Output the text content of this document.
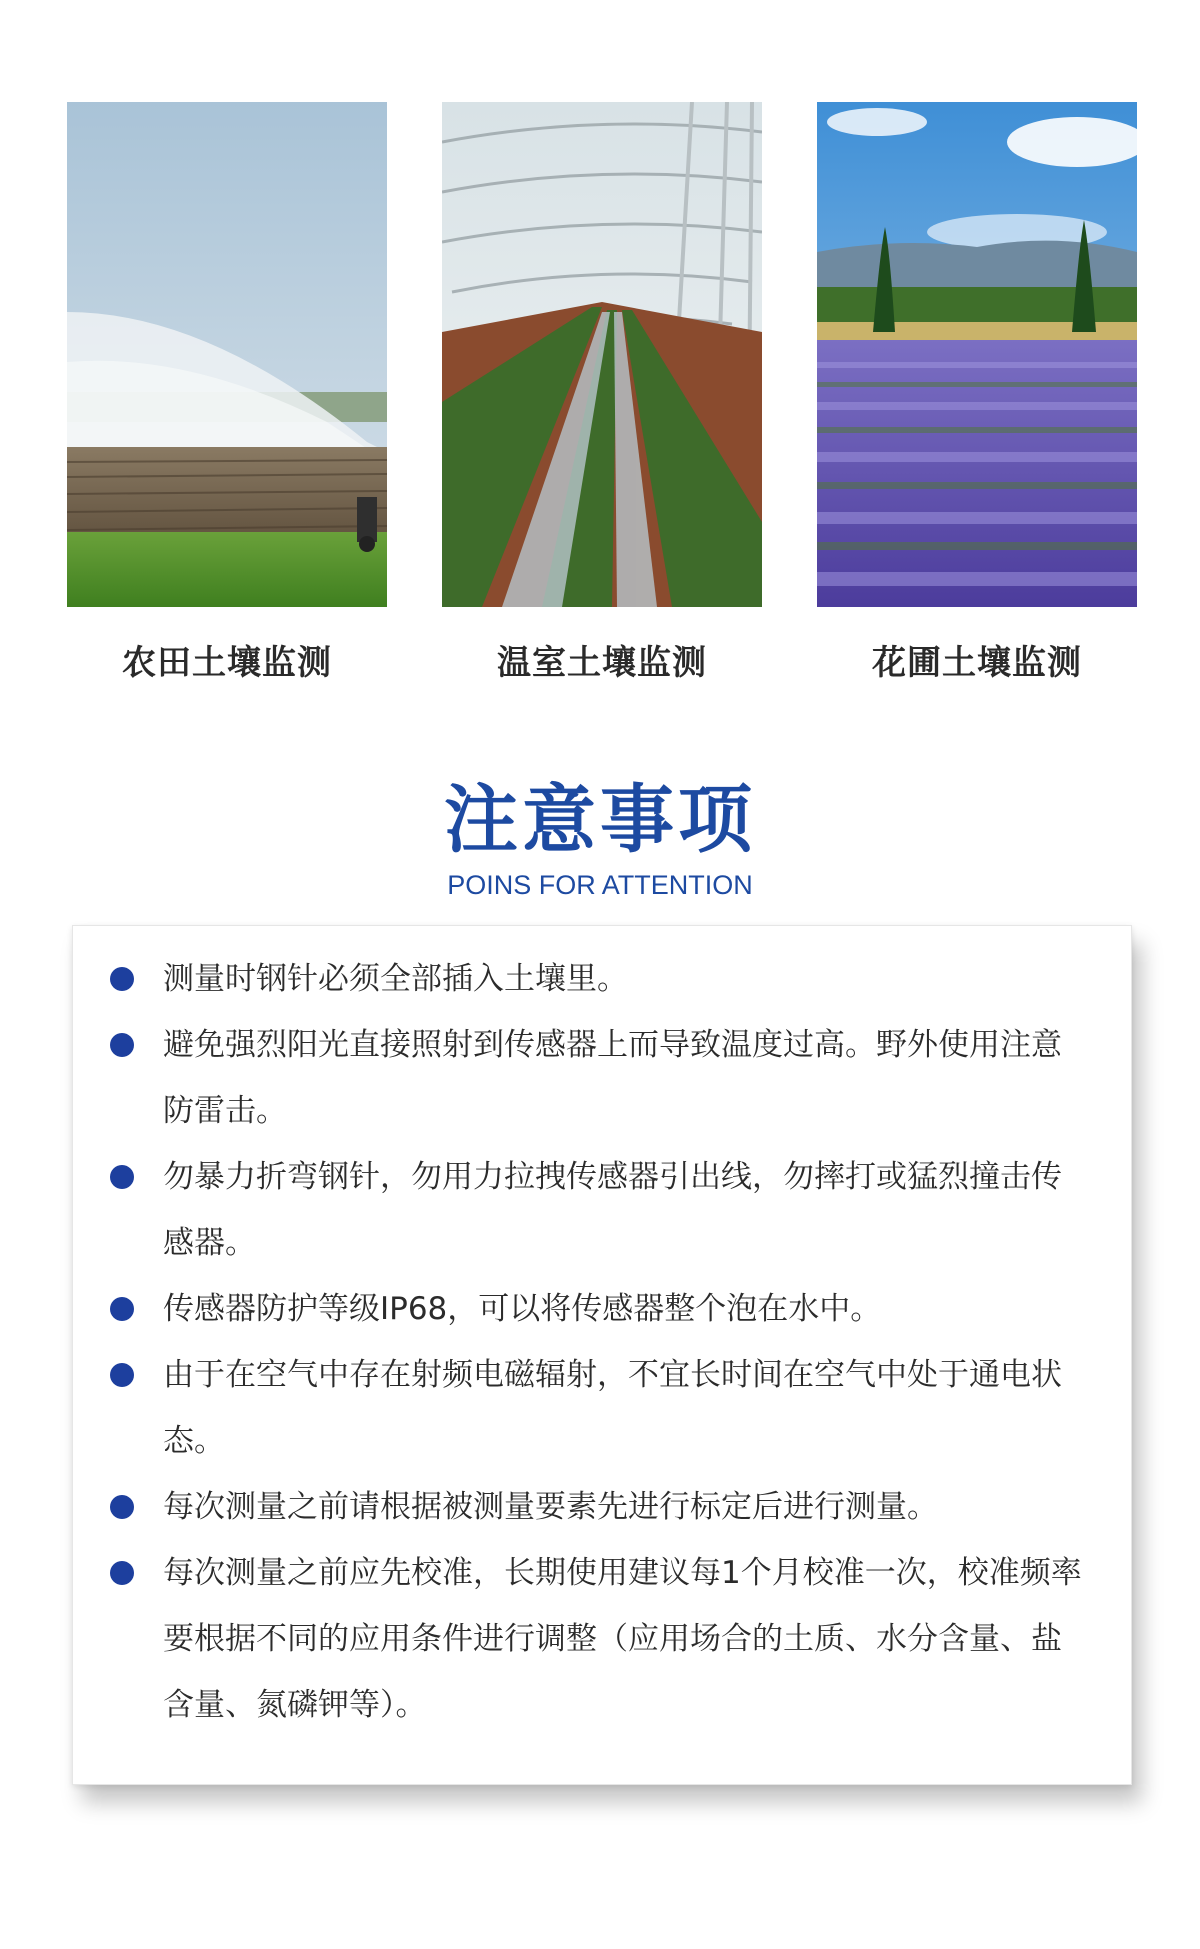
农田土壤监测	温室土壤监测	花圃土壤监测
注意事项
POINS FOR ATTENTION
测量时钢针必须全部插入土壤里。
避免强烈阳光直接照射到传感器上而导致温度过高。野外使用注意防雷击。
勿暴力折弯钢针，勿用力拉拽传感器引出线，勿摔打或猛烈撞击传感器。
传感器防护等级IP68，可以将传感器整个泡在水中。
由于在空气中存在射频电磁辐射，不宜长时间在空气中处于通电状态。
每次测量之前请根据被测量要素先进行标定后进行测量。
每次测量之前应先校准，长期使用建议每1个月校准一次，校准频率要根据不同的应用条件进行调整（应用场合的土质、水分含量、盐含量、氮磷钾等）。
